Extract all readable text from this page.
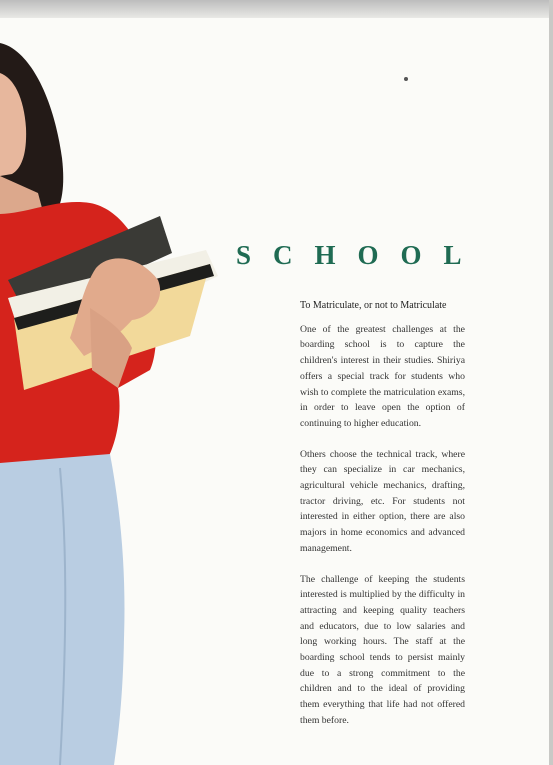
SCHOOL

To Matriculate, or not to Matriculate

One of the greatest challenges at the boarding school is to capture the children's interest in their studies. Shiriya offers a special track for students who wish to complete the matriculation exams, in order to leave open the option of continuing to higher education.

Others choose the technical track, where they can specialize in car mechanics, agricultural vehicle mechanics, drafting, tractor driving, etc. For students not interested in either option, there are also majors in home economics and advanced management.

The challenge of keeping the students interested is multiplied by the difficulty in attracting and keeping quality teachers and educators, due to low salaries and long working hours. The staff at the boarding school tends to persist mainly due to a strong commitment to the children and to the ideal of providing them everything that life had not offered them before.
